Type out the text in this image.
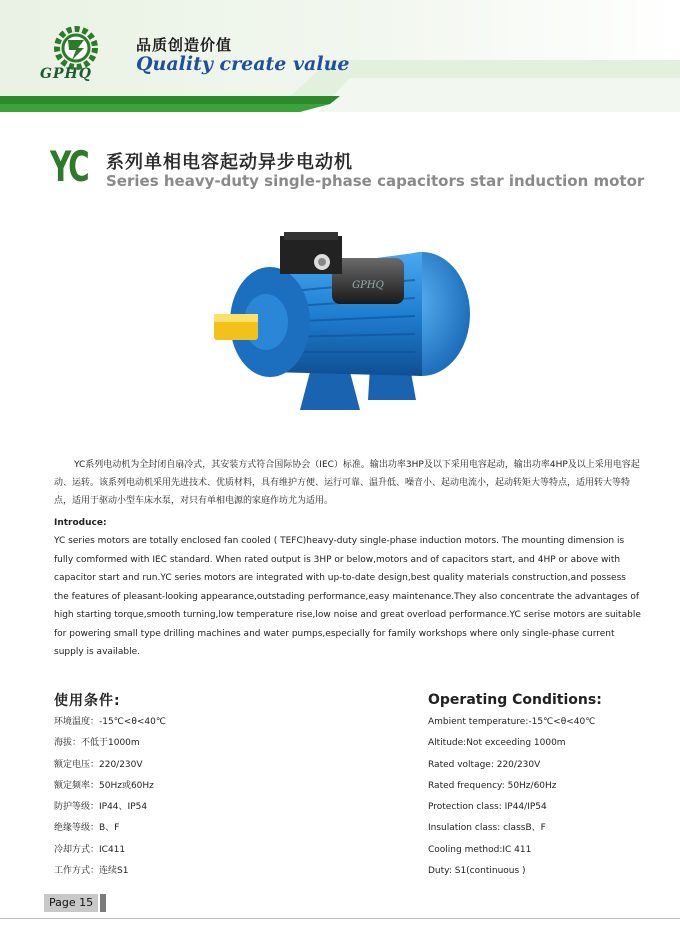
GPHQ
品质创造价值
Quality create value
YC 系列单相电容起动异步电动机
Series heavy-duty single-phase capacitors star induction motor
GPHQ
YC系列电动机为全封闭自扇冷式，其安装方式符合国际协会（IEC）标准。输出功率3HP及以下采用电容起动，输出功率4HP及以上采用电容起动、运转。该系列电动机采用先进技术、优质材料，具有维护方便、运行可靠、温升低、噪音小、起动电流小，起动转矩大等特点，适用转大等特点，适用于驱动小型车床水泵，对只有单相电源的家庭作坊尤为适用。
Introduce:
YC series motors are totally enclosed fan cooled ( TEFC)heavy-duty single-phase induction motors. The mounting dimension is fully comformed with IEC standard. When rated output is 3HP or below,motors and of capacitors start, and 4HP or above with capacitor start and run.YC series motors are integrated with up-to-date design,best quality materials construction,and possess the features of pleasant-looking appearance,outstading performance,easy maintenance.They also concentrate the advantages of high starting torque,smooth turning,low temperature rise,low noise and great overload performance.YC serise motors are suitable for powering small type drilling machines and water pumps,especially for family workshops where only single-phase current supply is available.
使用条件:	Operating Conditions:
环境温度：-15℃<θ<40℃
海拔：不低于1000m
额定电压：220/230V
额定频率：50Hz或60Hz
防护等级：IP44、IP54
绝缘等级：B、F
冷却方式：IC411
工作方式：连续S1
Ambient temperature:-15℃<θ<40℃
Altitude:Not exceeding 1000m
Rated voltage: 220/230V
Rated frequency: 50Hz/60Hz
Protection class: IP44/IP54
Insulation class: classB、F
Cooling method:IC 411
Duty: S1(continuous )
Page 15
